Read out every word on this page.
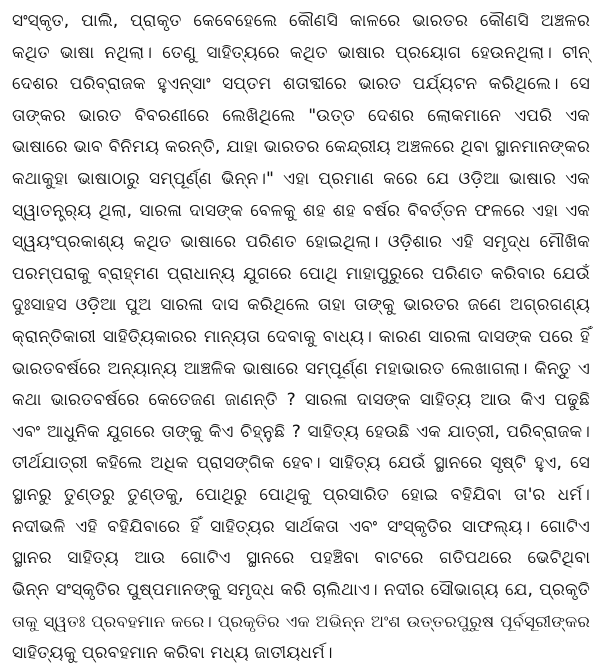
ସଂସ୍କୃତ, ପାଲି, ପ୍ରାକୃତ କେବେହେଲେ କୌଣସି କାଳରେ ଭାରତର କୌଣସି ଅଞ୍ଚଳର
କଥିତ ଭାଷା ନଥିଲା। ତେଣୁ ସାହିତ୍ୟରେ କଥିତ ଭାଷାର ପ୍ରୟୋଗ ହେଉନଥିଲା। ଚୀନ୍
ଦେଶର ପରିବ୍ରାଜକ ହୁଏନ୍‌ସାଂ ସପ୍ତମ ଶତାବ୍ଦୀରେ ଭାରତ ପର୍ଯ୍ୟଟନ କରିଥିଲେ। ସେ
ତାଙ୍କର ଭାରତ ବିବରଣୀରେ ଲେଖିଥିଲେ "ଉତ୍ତ ଦେଶର ଲୋକମାନେ ଏପରି ଏକ
ଭାଷାରେ ଭାବ ବିନିମୟ କରନ୍ତି, ଯାହା ଭାରତର କେନ୍ଦ୍ରୀୟ ଅଞ୍ଚଳରେ ଥିବା ସ୍ଥାନମାନଙ୍କର
କଥାକୁହା ଭାଷାଠାରୁ ସମ୍ପୂର୍ଣ୍ଣ ଭିନ୍ନ।" ଏହା ପ୍ରମାଣ କରେ ଯେ ଓଡ଼ିଆ ଭାଷାର ଏକ
ସ୍ୱାତନ୍ତ୍ର୍ୟ ଥିଲା, ସାରଳା ଦାସଙ୍କ ବେଳକୁ ଶହ ଶହ ବର୍ଷର ବିବର୍ତ୍ତନ ଫଳରେ ଏହା ଏକ
ସ୍ୱୟଂପ୍ରକାଶ୍ୟ କଥିତ ଭାଷାରେ ପରିଣତ ହୋଇଥିଲା। ଓଡ଼ିଶାର ଏହି ସମୃଦ୍ଧ ମୌଖିକ
ପରମ୍ପରାକୁ ବ୍ରାହ୍ମଣ ପ୍ରାଧାନ୍ୟ ଯୁଗରେ ପୋଥି ମାହାପୁରୁରେ ପରିଣତ କରିବାର ଯେଉଁ
ଦୁଃସାହସ ଓଡ଼ିଆ ପୁଅ ସାରଳା ଦାସ କରିଥିଲେ ତାହା ତାଙ୍କୁ ଭାରତର ଜଣେ ଅଗ୍ରଗଣ୍ୟ
କ୍ରାନ୍ତିକାରୀ ସାହିତ୍ୟିକାରର ମାନ୍ୟତା ଦେବାକୁ ବାଧ୍ୟ। କାରଣ ସାରଳା ଦାସଙ୍କ ପରେ ହିଁ
ଭାରତବର୍ଷରେ ଅନ୍ୟାନ୍ୟ ଆଞ୍ଚଳିକ ଭାଷାରେ ସମ୍ପୂର୍ଣ୍ଣ ମହାଭାରତ ଲେଖାଗଲା। କିନ୍ତୁ ଏ
କଥା ଭାରତବର୍ଷରେ କେତେଜଣ ଜାଣନ୍ତି ? ସାରଳା ଦାସଙ୍କ ସାହିତ୍ୟ ଆଉ କିଏ ପଢୁଛି
ଏବଂ ଆଧୁନିକ ଯୁଗରେ ତାଙ୍କୁ କିଏ ଚିହ୍ନୁଛି ? ସାହିତ୍ୟ ହେଉଛି ଏକ ଯାତ୍ରୀ, ପରିବ୍ରାଜକ।
ତୀର୍ଥଯାତ୍ରୀ କହିଲେ ଅଧିକ ପ୍ରାସଙ୍ଗିକ ହେବ। ସାହିତ୍ୟ ଯେଉଁ ସ୍ଥାନରେ ସୃଷ୍ଟି ହୁଏ, ସେ
ସ୍ଥାନରୁ ତୁଣ୍ଡରୁ ତୁଣ୍ଡକୁ, ପୋଥିରୁ ପୋଥିକୁ ପ୍ରସାରିତ ହୋଇ ବହିଯିବା ତା'ର ଧର୍ମ।
ନଦୀଭଳି ଏହି ବହିଯିବାରେ ହିଁ ସାହିତ୍ୟର ସାର୍ଥକତା ଏବଂ ସଂସ୍କୃତିର ସାଫଲ୍ୟ। ଗୋଟିଏ
ସ୍ଥାନର ସାହିତ୍ୟ ଆଉ ଗୋଟିଏ ସ୍ଥାନରେ ପହଞ୍ଚିବା ବାଟରେ ଗତିପଥରେ ଭେଟିଥିବା
ଭିନ୍ନ ସଂସ୍କୃତିର ପୁଷ୍ପମାନଙ୍କୁ ସମୃଦ୍ଧ କରି ଚାଲିଥାଏ। ନଦୀର ସୌଭାଗ୍ୟ ଯେ, ପ୍ରକୃତି
ତାକୁ ସ୍ୱତଃ ପ୍ରବହମାନ କରେ। ପ୍ରକୃତିର ଏକ ଅଭିନ୍ନ ଅଂଶ ଉତ୍ତରପୁରୁଷ ପୂର୍ବସୂରୀଙ୍କର
ସାହିତ୍ୟକୁ ପ୍ରବହମାନ କରିବା ମଧ୍ୟ ଜାତୀୟଧର୍ମ।
